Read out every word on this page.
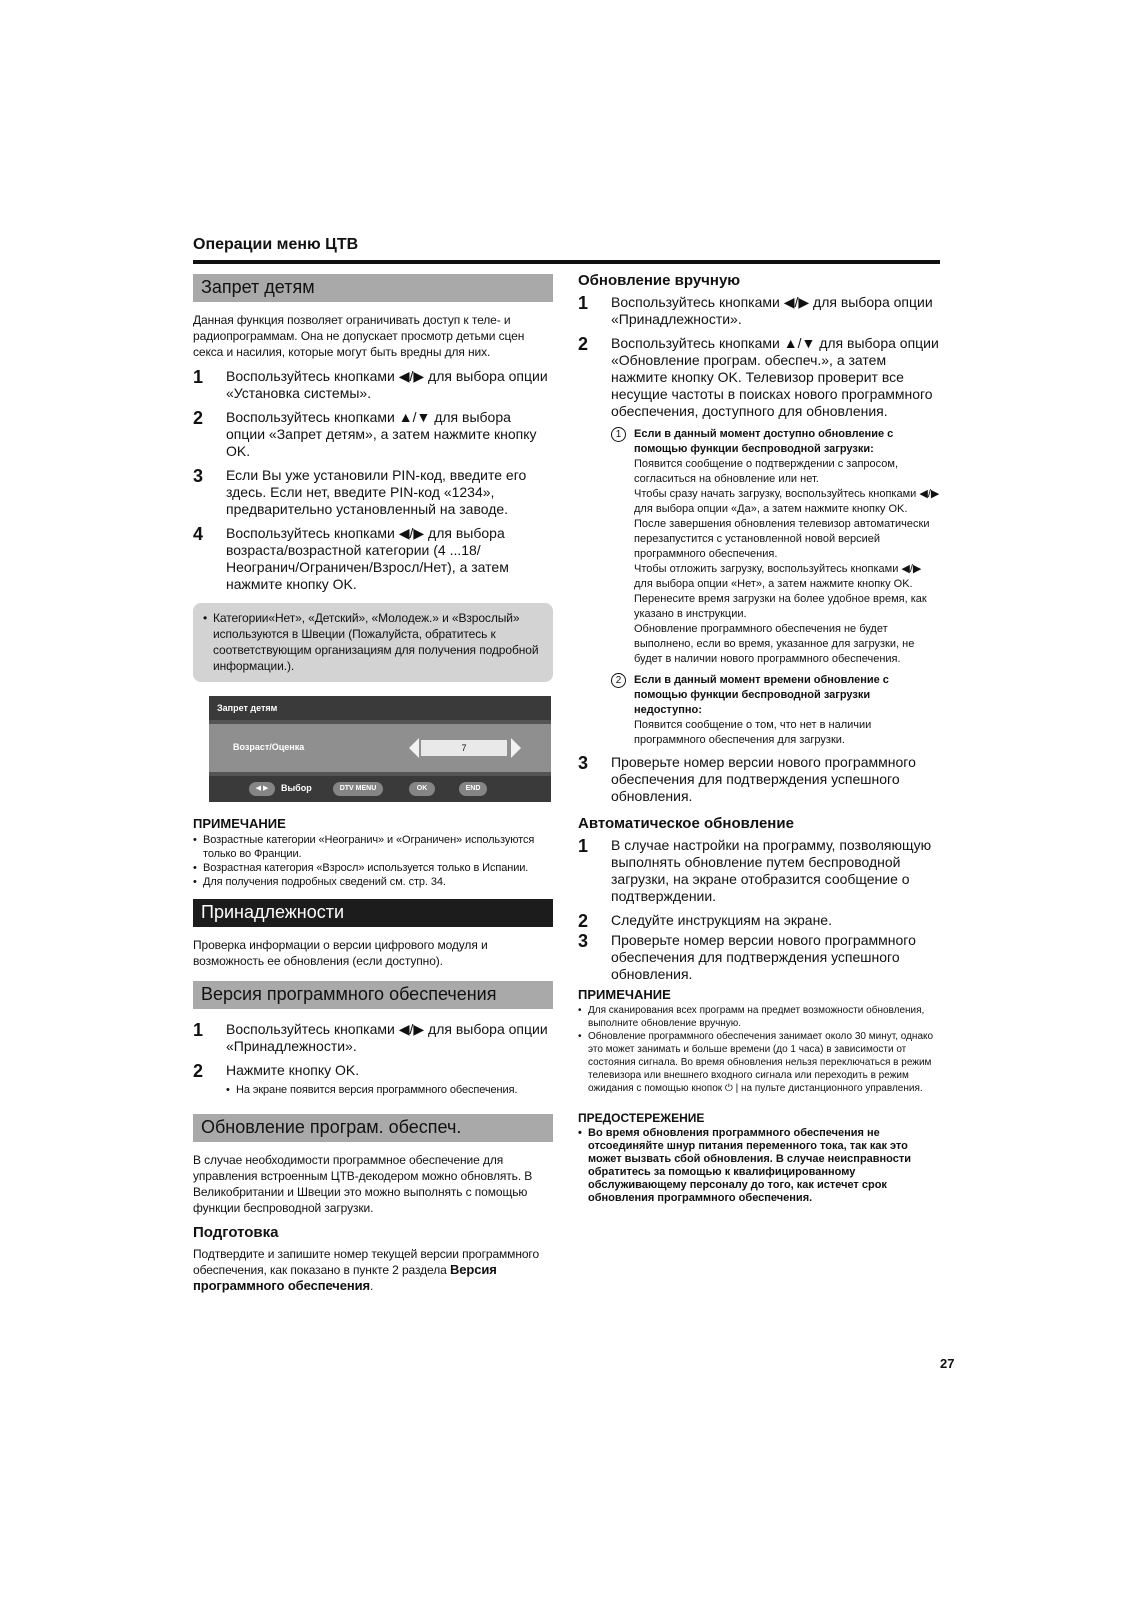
Операции меню ЦТВ
Запрет детям
Данная функция позволяет ограничивать доступ к теле- и радиопрограммам. Она не допускает просмотр детьми сцен секса и насилия, которые могут быть вредны для них.
1	Воспользуйтесь кнопками ◀/▶ для выбора опции «Установка системы».
2	Воспользуйтесь кнопками ▲/▼ для выбора опции «Запрет детям», а затем нажмите кнопку OK.
3	Если Вы уже установили PIN-код, введите его здесь. Если нет, введите PIN-код «1234», предварительно установленный на заводе.
4	Воспользуйтесь кнопками ◀/▶ для выбора возраста/возрастной категории (4 ...18/ Неогранич/Ограничен/Взросл/Нет), а затем нажмите кнопку OK.
• Категории«Нет», «Детский», «Молодеж.» и «Взрослый» используются в Швеции (Пожалуйста, обратитесь к соответствующим организациям для получения подробной информации.).
Запрет детям
Возраст/Оценка	7
◀ ▶	Выбор	DTV MENU	OK	END
ПРИМЕЧАНИЕ
• Возрастные категории «Неогранич» и «Ограничен» используются только во Франции.
• Возрастная категория «Взросл» используется только в Испании.
• Для получения подробных сведений см. стр. 34.
Принадлежности
Проверка информации о версии цифрового модуля и возможность ее обновления (если доступно).
Версия программного обеспечения
1	Воспользуйтесь кнопками ◀/▶ для выбора опции «Принадлежности».
2	Нажмите кнопку OK.
• На экране появится версия программного обеспечения.
Обновление програм. обеспеч.
В случае необходимости программное обеспечение для управления встроенным ЦТВ-декодером можно обновлять. В Великобритании и Швеции это можно выполнять с помощью функции беспроводной загрузки.
Подготовка
Подтвердите и запишите номер текущей версии программного обеспечения, как показано в пункте 2 раздела Версия программного обеспечения.
Обновление вручную
1	Воспользуйтесь кнопками ◀/▶ для выбора опции «Принадлежности».
2	Воспользуйтесь кнопками ▲/▼ для выбора опции «Обновление програм. обеспеч.», а затем нажмите кнопку OK. Телевизор проверит все несущие частоты в поисках нового программного обеспечения, доступного для обновления.
1	Если в данный момент доступно обновление с помощью функции беспроводной загрузки:
Появится сообщение о подтверждении с запросом, согласиться на обновление или нет.
Чтобы сразу начать загрузку, воспользуйтесь кнопками ◀/▶ для выбора опции «Да», а затем нажмите кнопку OK. После завершения обновления телевизор автоматически перезапустится с установленной новой версией программного обеспечения.
Чтобы отложить загрузку, воспользуйтесь кнопками ◀/▶ для выбора опции «Нет», а затем нажмите кнопку OK. Перенесите время загрузки на более удобное время, как указано в инструкции.
Обновление программного обеспечения не будет выполнено, если во время, указанное для загрузки, не будет в наличии нового программного обеспечения.
2	Если в данный момент времени обновление с помощью функции беспроводной загрузки недоступно:
Появится сообщение о том, что нет в наличии программного обеспечения для загрузки.
3	Проверьте номер версии нового программного обеспечения для подтверждения успешного обновления.
Автоматическое обновление
1	В случае настройки на программу, позволяющую выполнять обновление путем беспроводной загрузки, на экране отобразится сообщение о подтверждении.
2	Следуйте инструкциям на экране.
3	Проверьте номер версии нового программного обеспечения для подтверждения успешного обновления.
ПРИМЕЧАНИЕ
• Для сканирования всех программ на предмет возможности обновления, выполните обновление вручную.
• Обновление программного обеспечения занимает около 30 минут, однако это может занимать и больше времени (до 1 часа) в зависимости от состояния сигнала. Во время обновления нельзя переключаться в режим телевизора или внешнего входного сигнала или переходить в режим ожидания с помощью кнопок ⏻ | на пульте дистанционного управления.
ПРЕДОСТЕРЕЖЕНИЕ
• Во время обновления программного обеспечения не отсоединяйте шнур питания переменного тока, так как это может вызвать сбой обновления. В случае неисправности обратитесь за помощью к квалифицированному обслуживающему персоналу до того, как истечет срок обновления программного обеспечения.
27
